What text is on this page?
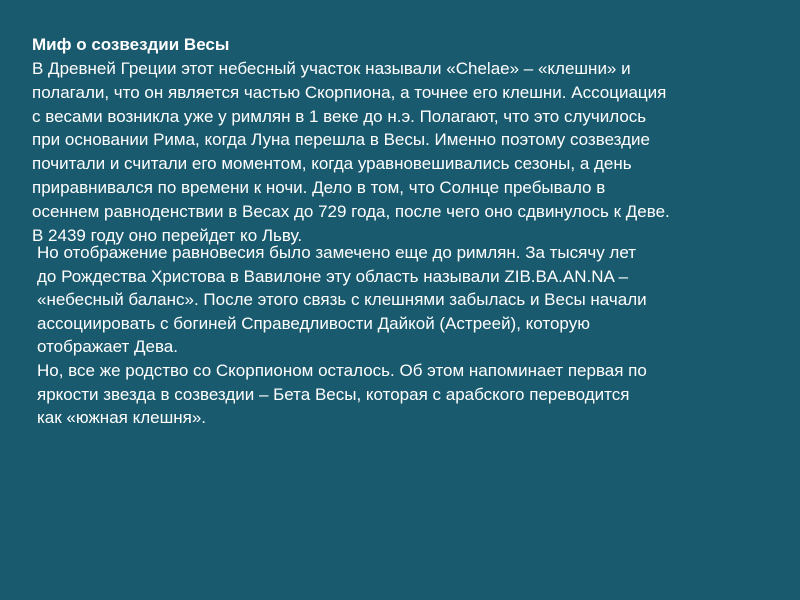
Миф о созвездии Весы
В Древней Греции этот небесный участок называли «Chelae» – «клешни» и
полагали, что он является частью Скорпиона, а точнее его клешни. Ассоциация
с весами возникла уже у римлян в 1 веке до н.э. Полагают, что это случилось
при основании Рима, когда Луна перешла в Весы. Именно поэтому созвездие
почитали и считали его моментом, когда уравновешивались сезоны, а день
приравнивался по времени к ночи. Дело в том, что Солнце пребывало в
осеннем равноденствии в Весах до 729 года, после чего оно сдвинулось к Деве.
В 2439 году оно перейдет ко Льву.
Но отображение равновесия было замечено еще до римлян. За тысячу лет
до Рождества Христова в Вавилоне эту область называли ZIB.BA.AN.NA –
«небесный баланс». После этого связь с клешнями забылась и Весы начали
ассоциировать с богиней Справедливости Дайкой (Астреей), которую
отображает Дева.
Но, все же родство со Скорпионом осталось. Об этом напоминает первая по
яркости звезда в созвездии – Бета Весы, которая с арабского переводится
как «южная клешня».
